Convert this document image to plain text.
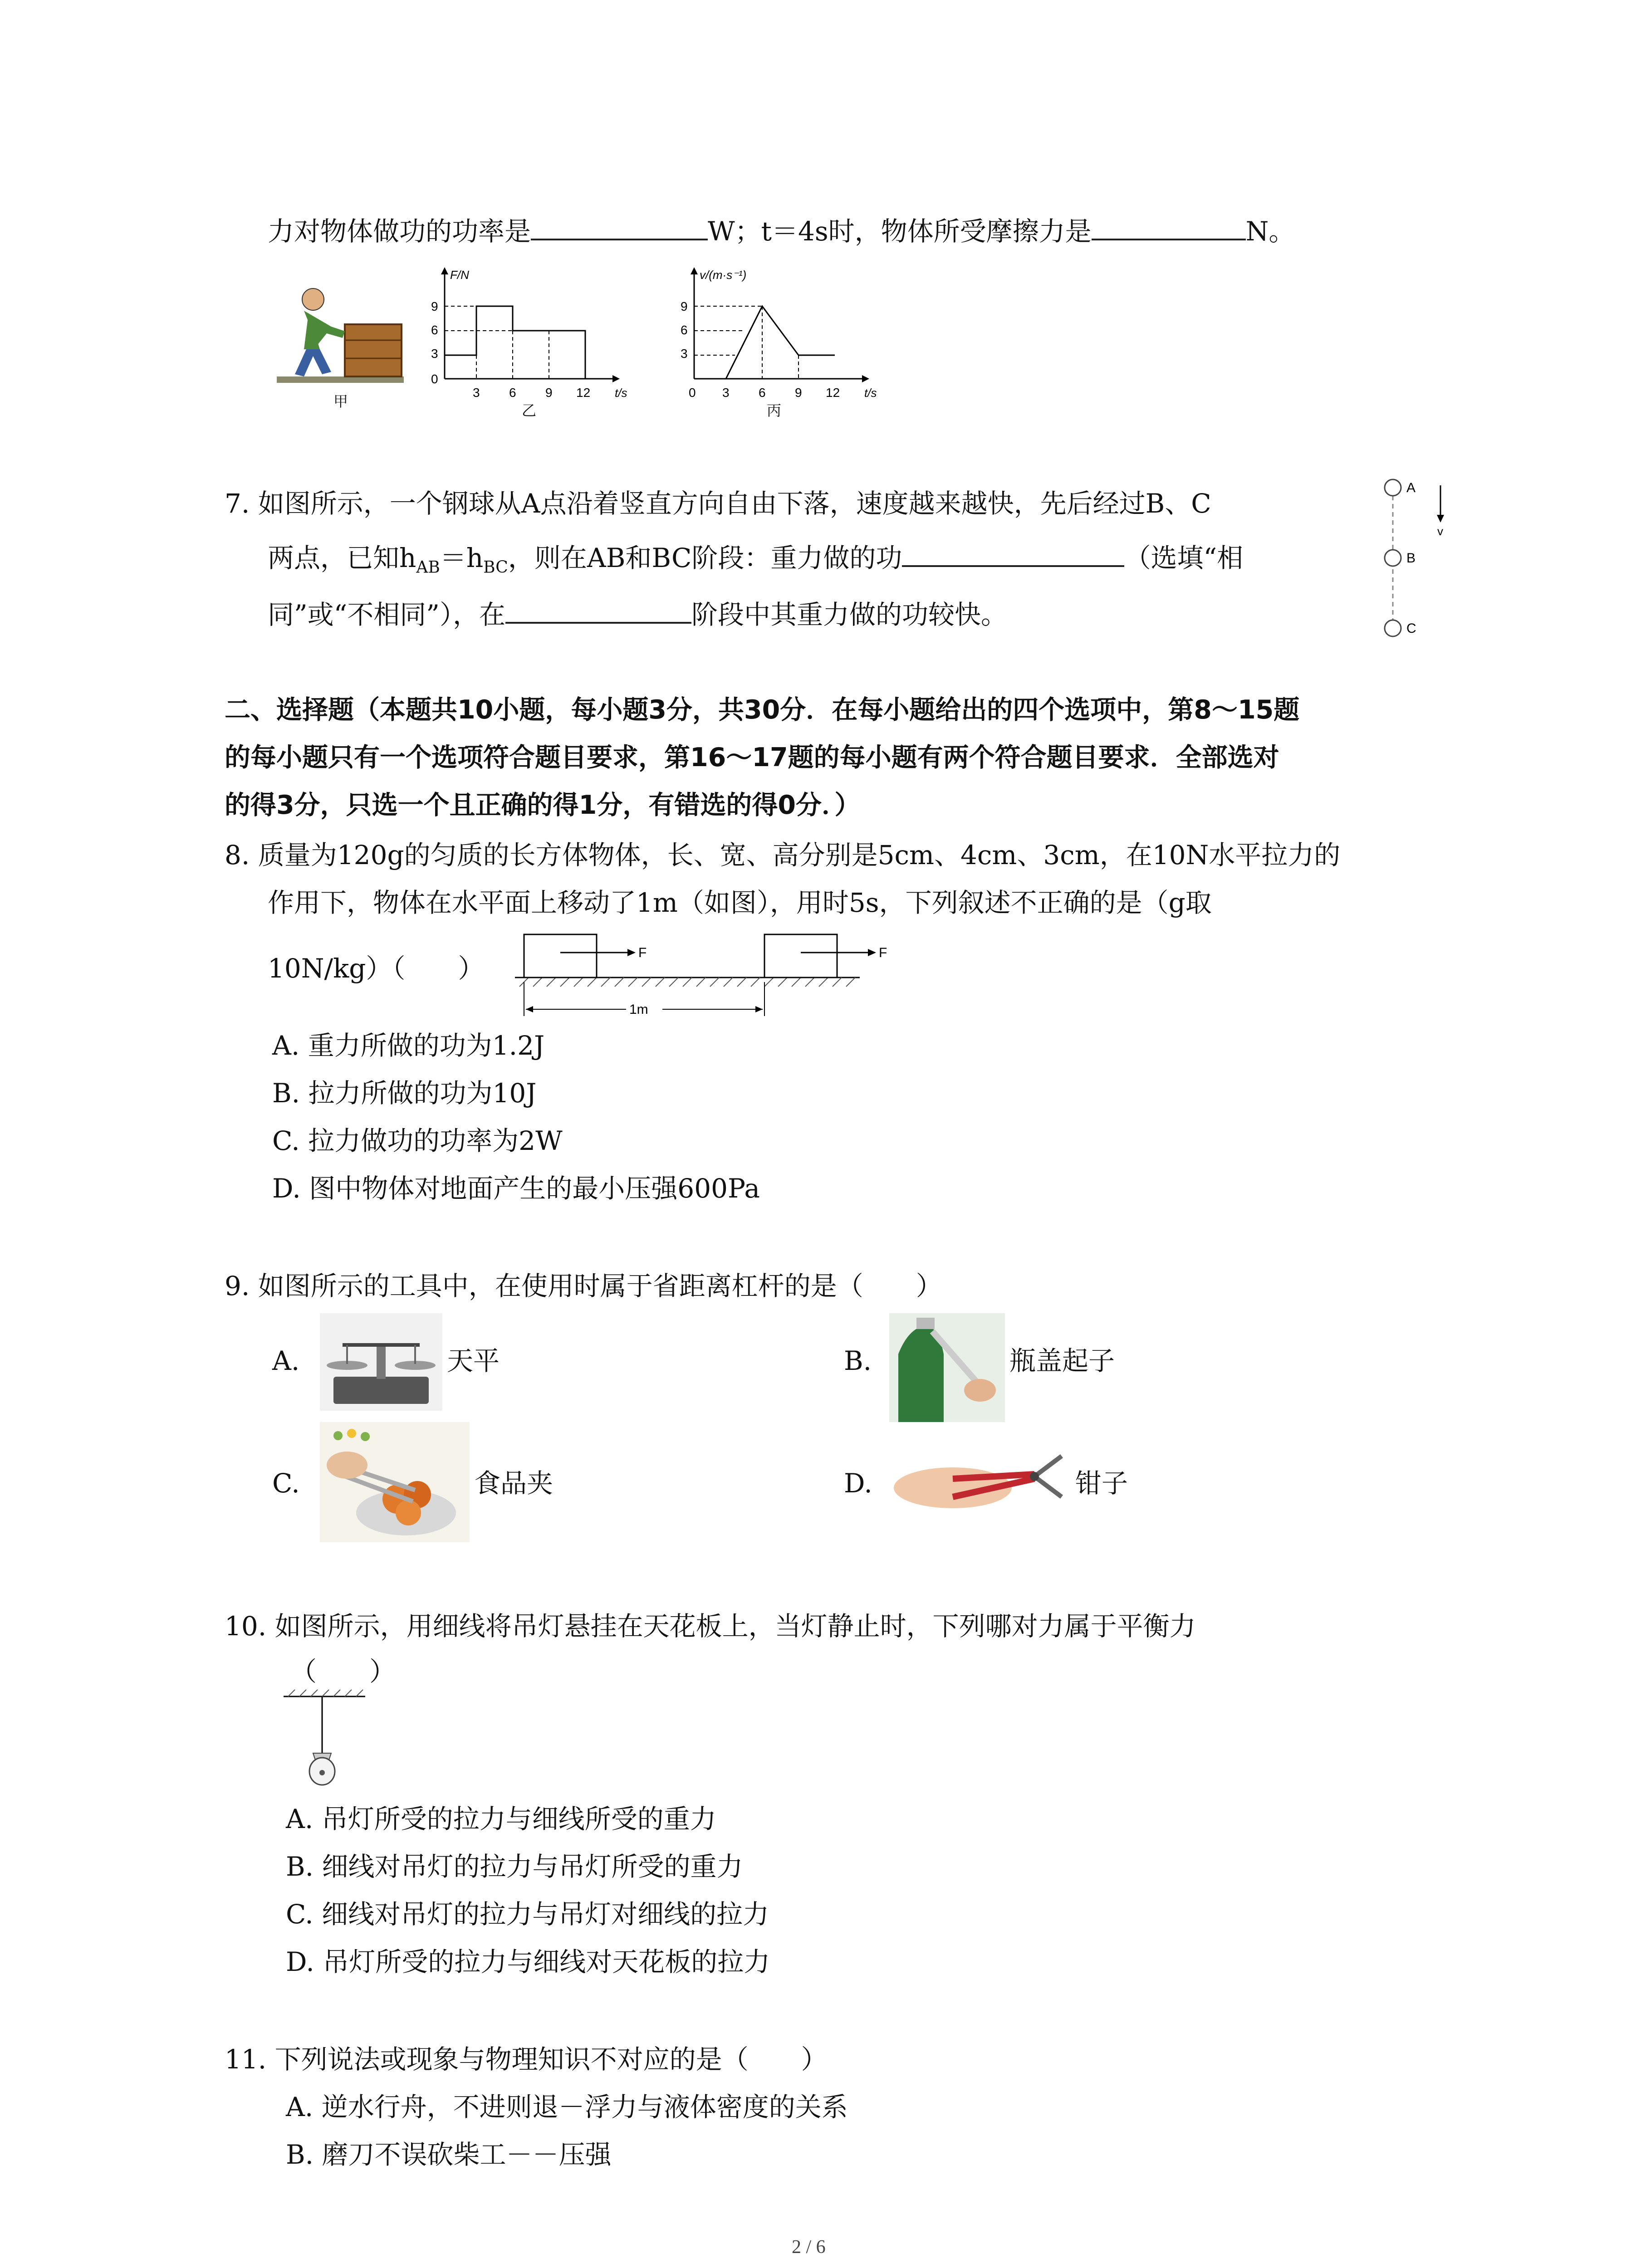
力对物体做功的功率是	W；t＝4s时，物体所受摩擦力是	N。
甲
F/N
t/s
9
6
3
0
3 6 9 12
乙
v/(m·s⁻¹)
t/s
9
6
3
0 3 6 9 12
丙
7. 如图所示，一个钢球从A点沿着竖直方向自由下落，速度越来越快，先后经过B、C
两点，已知$h_{AB}=h_{BC}$，则在AB和BC阶段：重力做的功	（选填“相
同”或“不相同”），在	阶段中其重力做的功较快。
A
B
C
v
二、选择题（本题共10小题，每小题3分，共30分．在每小题给出的四个选项中，第8～15题
的每小题只有一个选项符合题目要求，第16～17题的每小题有两个符合题目要求．全部选对
的得3分，只选一个且正确的得1分，有错选的得0分．）
8. 质量为120g的匀质的长方体物体，长、宽、高分别是5cm、4cm、3cm，在10N水平拉力的
作用下，物体在水平面上移动了1m（如图），用时5s，下列叙述不正确的是（g取
10N/kg）（　　）
F	F
1m
A. 重力所做的功为1.2J
B. 拉力所做的功为10J
C. 拉力做功的功率为2W
D. 图中物体对地面产生的最小压强600Pa
9. 如图所示的工具中，在使用时属于省距离杠杆的是（　　）
A.	天平	B.	瓶盖起子
C.	食品夹	D.	钳子
10. 如图所示，用细线将吊灯悬挂在天花板上，当灯静止时，下列哪对力属于平衡力
（　　）
A. 吊灯所受的拉力与细线所受的重力
B. 细线对吊灯的拉力与吊灯所受的重力
C. 细线对吊灯的拉力与吊灯对细线的拉力
D. 吊灯所受的拉力与细线对天花板的拉力
11. 下列说法或现象与物理知识不对应的是（　　）
A. 逆水行舟，不进则退－浮力与液体密度的关系
B. 磨刀不误砍柴工－－压强
2 / 6
